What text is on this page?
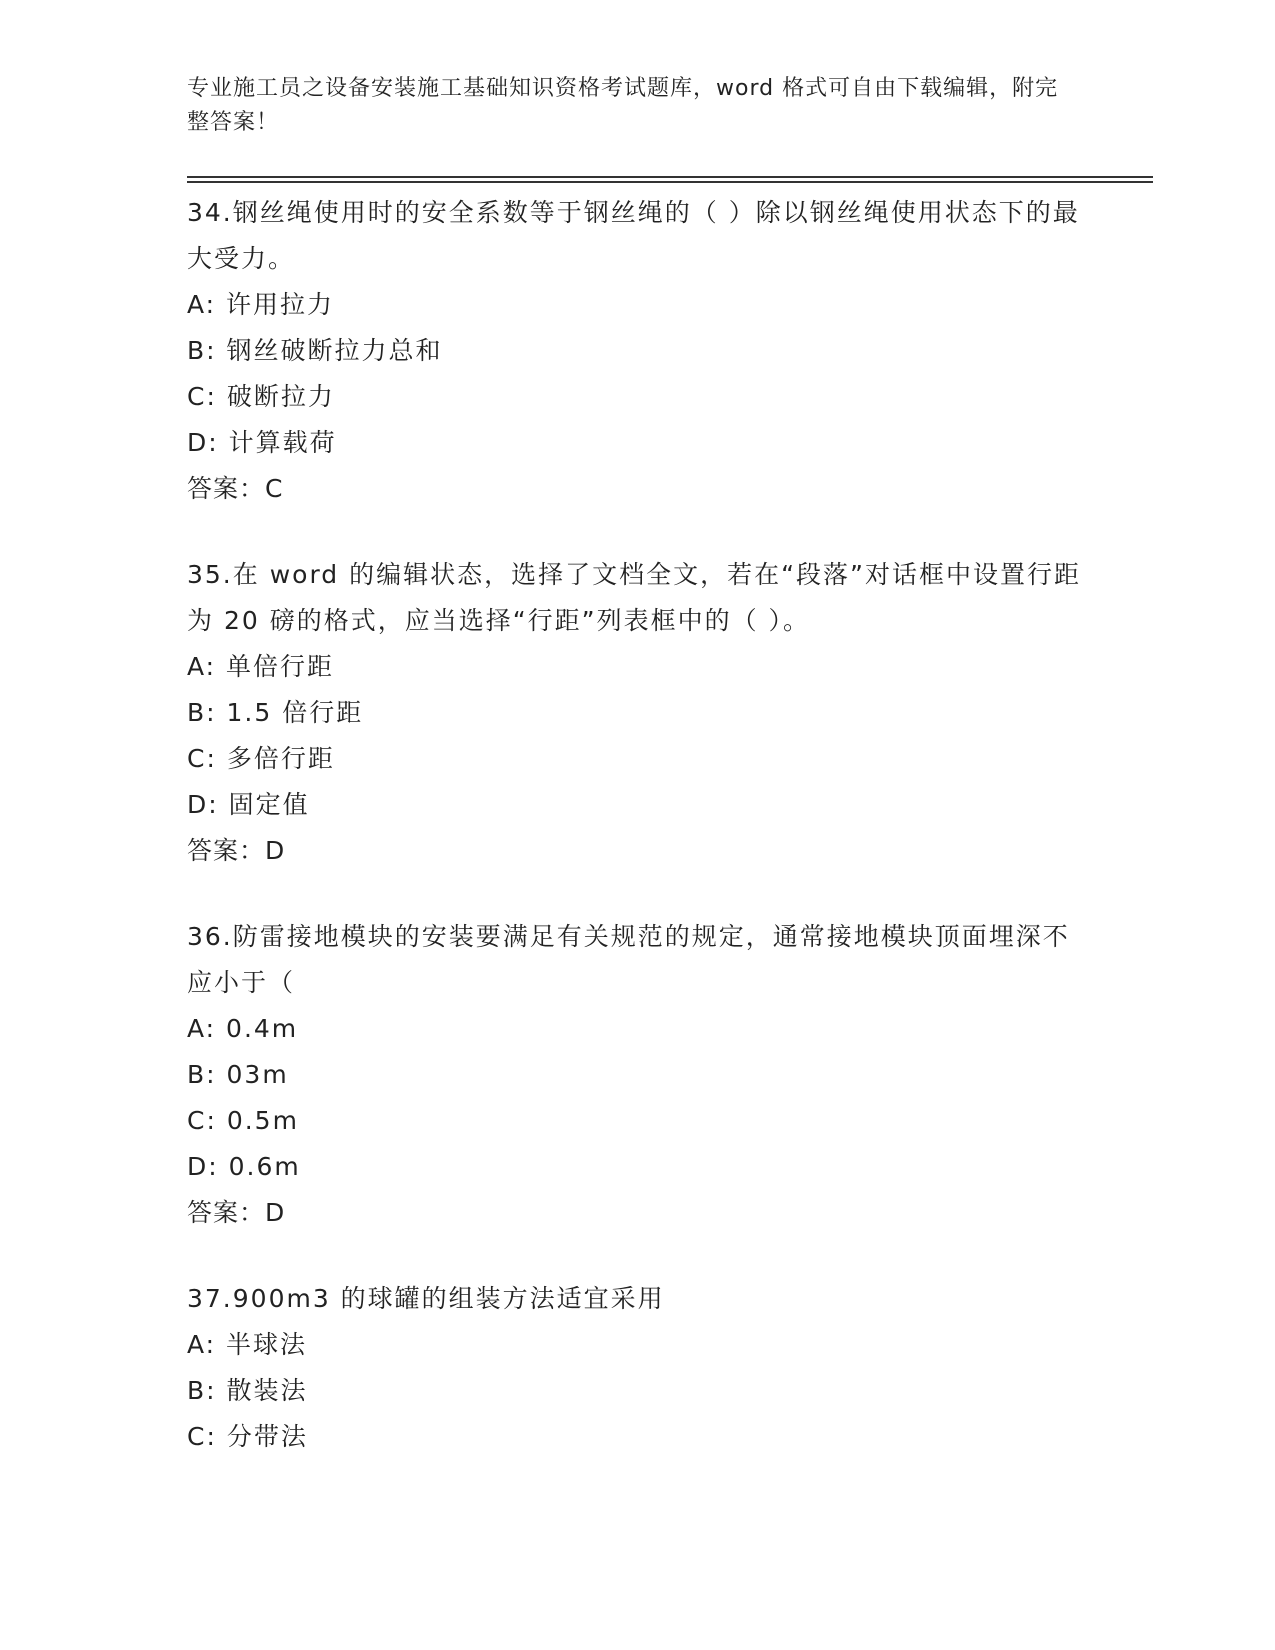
专业施工员之设备安装施工基础知识资格考试题库，word 格式可自由下载编辑，附完整答案！

34.钢丝绳使用时的安全系数等于钢丝绳的（ ）除以钢丝绳使用状态下的最大受力。

A: 许用拉力

B: 钢丝破断拉力总和

C: 破断拉力

D: 计算载荷

答案：C

35.在 word 的编辑状态，选择了文档全文，若在“段落”对话框中设置行距为 20 磅的格式，应当选择“行距”列表框中的（ ）。

A: 单倍行距

B: 1.5 倍行距

C: 多倍行距

D: 固定值

答案：D

36.防雷接地模块的安装要满足有关规范的规定，通常接地模块顶面埋深不应小于（

A: 0.4m

B: 03m

C: 0.5m

D: 0.6m

答案：D

37.900m3 的球罐的组装方法适宜采用

A: 半球法

B: 散装法

C: 分带法
